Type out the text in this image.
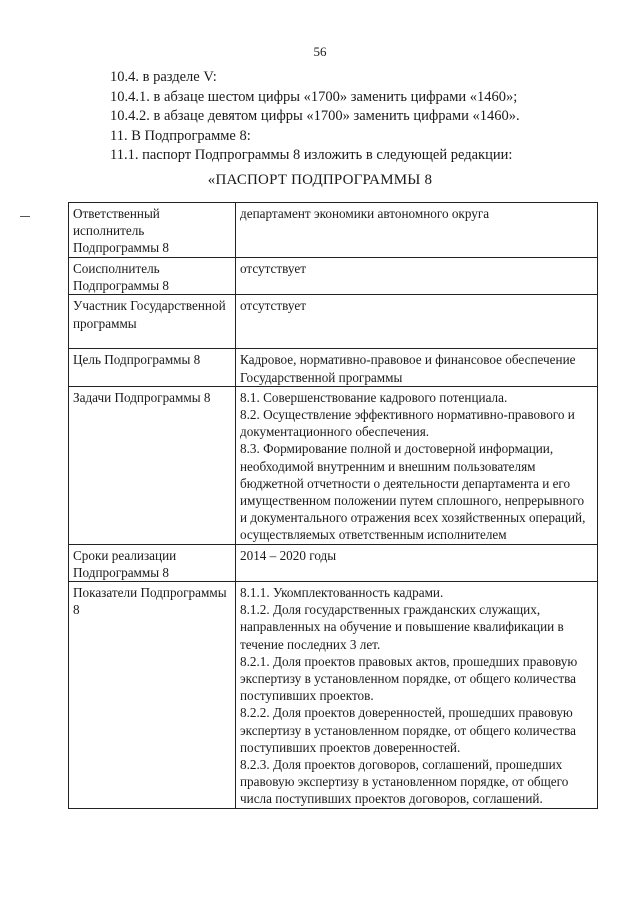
56

10.4. в разделе V:

10.4.1. в абзаце шестом цифры «1700» заменить цифрами «1460»;

10.4.2. в абзаце девятом цифры «1700» заменить цифрами «1460».

11. В Подпрограмме 8:

11.1. паспорт Подпрограммы 8 изложить в следующей редакции:

«ПАСПОРТ ПОДПРОГРАММЫ 8
Ответственный исполнитель Подпрограммы 8	департамент экономики автономного округа

Соисполнитель Подпрограммы 8	отсутствует

Участник Государственной программы	отсутствует

Цель Подпрограммы 8	Кадровое, нормативно-правовое и финансовое обеспечение Государственной программы

Задачи Подпрограммы 8	8.1. Совершенствование кадрового потенциала.
8.2. Осуществление эффективного нормативно-правового и документационного обеспечения.
8.3. Формирование полной и достоверной информации, необходимой внутренним и внешним пользователям бюджетной отчетности о деятельности департамента и его имущественном положении путем сплошного, непрерывного и документального отражения всех хозяйственных операций, осуществляемых ответственным исполнителем

Сроки реализации Подпрограммы 8	2014 – 2020 годы

Показатели Подпрограммы 8	8.1.1. Укомплектованность кадрами.
8.1.2. Доля государственных гражданских служащих, направленных на обучение и повышение квалификации в течение последних 3 лет.
8.2.1. Доля проектов правовых актов, прошедших правовую экспертизу в установленном порядке, от общего количества поступивших проектов.
8.2.2. Доля проектов доверенностей, прошедших правовую экспертизу в установленном порядке, от общего количества поступивших проектов доверенностей.
8.2.3. Доля проектов договоров, соглашений, прошедших правовую экспертизу в установленном порядке, от общего числа поступивших проектов договоров, соглашений.
